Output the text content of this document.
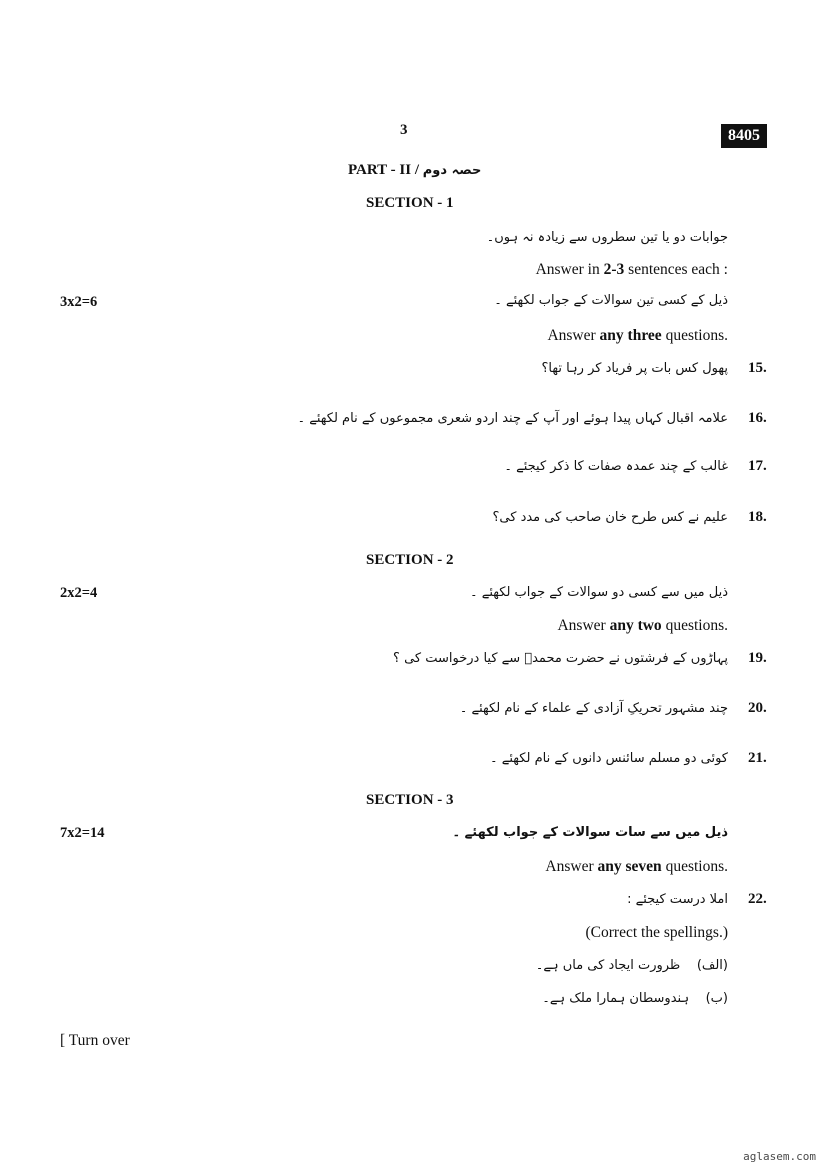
3	8405
PART - II / حصہ دوم
SECTION - 1
جوابات دو یا تین سطروں سے زیادہ نہ ہوں۔
Answer in 2-3 sentences each :
3x2=6	ذیل کے کسی تین سوالات کے جواب لکھئے ۔
Answer any three questions.
15.
پھول کس بات پر فریاد کر رہا تھا؟
16.
علامہ اقبال کہاں پیدا ہوئے اور آپ کے چند اردو شعری مجموعوں کے نام لکھئے ۔
17.
غالب کے چند عمدہ صفات کا ذکر کیجئے ۔
18.
علیم نے کس طرح خان صاحب کی مدد کی؟
SECTION - 2
2x2=4	ذیل میں سے کسی دو سوالات کے جواب لکھئے ۔
Answer any two questions.
19.
پہاڑوں کے فرشتوں نے حضرت محمدؐ سے کیا درخواست کی ؟
20.
چند مشہور تحریکِ آزادی کے علماء کے نام لکھئے ۔
21.
کوئی دو مسلم سائنس دانوں کے نام لکھئے ۔
SECTION - 3
7x2=14	ذیل میں سے سات سوالات کے جواب لکھئے ۔
Answer any seven questions.
22.
املا درست کیجئے :
(Correct the spellings.)
(الف)    ظرورت ایجاد کی ماں ہے۔
(ب)    ہندوسطان ہمارا ملک ہے۔
[ Turn over
aglasem.com
